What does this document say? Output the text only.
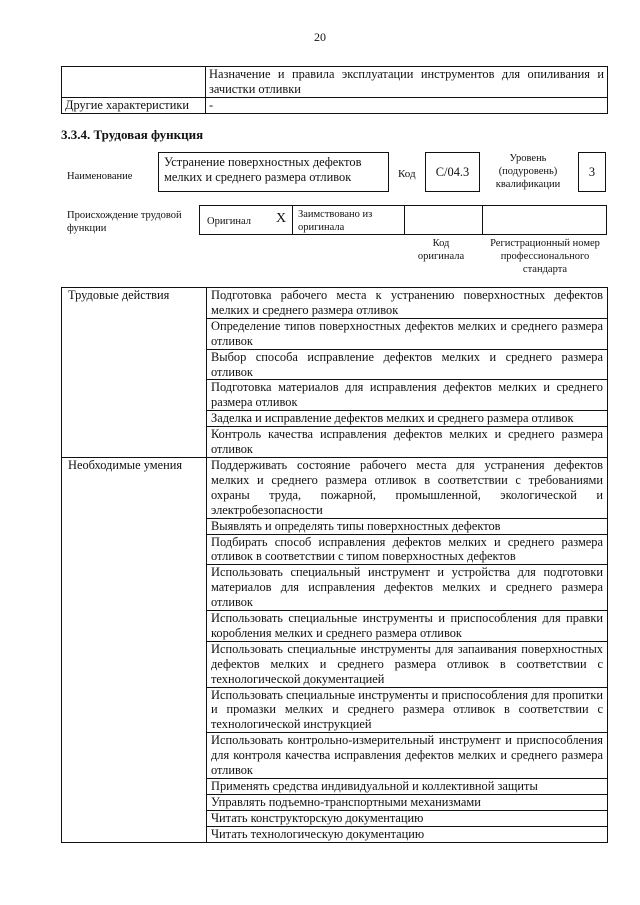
20
	Назначение и правила эксплуатации инструментов для опиливания и зачистки отливки
Другие характеристики	-
3.3.4. Трудовая функция
Наименование
Устранение поверхностных дефектов мелких и среднего размера отливок	Код	C/04.3
Уровень (подуровень) квалификации
3
Происхождение трудовой функции
Оригинал X Заимствовано из оригинала
Код оригинала
Регистрационный номер профессионального стандарта
Трудовые действия	Подготовка рабочего места к устранению поверхностных дефектов мелких и среднего размера отливок
	Определение типов поверхностных дефектов мелких и среднего размера отливок
	Выбор способа исправление дефектов мелких и среднего размера отливок
	Подготовка материалов для исправления дефектов мелких и среднего размера отливок
	Заделка и исправление дефектов мелких и среднего размера отливок
	Контроль качества исправления дефектов мелких и среднего размера отливок
Необходимые умения	Поддерживать состояние рабочего места для устранения дефектов мелких и среднего размера отливок в соответствии с требованиями охраны труда, пожарной, промышленной, экологической и электробезопасности
	Выявлять и определять типы поверхностных дефектов
	Подбирать способ исправления дефектов мелких и среднего размера отливок в соответствии с типом поверхностных дефектов
	Использовать специальный инструмент и устройства для подготовки материалов для исправления дефектов мелких и среднего размера отливок
	Использовать специальные инструменты и приспособления для правки коробления мелких и среднего размера отливок
	Использовать специальные инструменты для запаивания поверхностных дефектов мелких и среднего размера отливок в соответствии с технологической документацией
	Использовать специальные инструменты и приспособления для пропитки и промазки мелких и среднего размера отливок в соответствии с технологической инструкцией
	Использовать контрольно-измерительный инструмент и приспособления для контроля качества исправления дефектов мелких и среднего размера отливок
	Применять средства индивидуальной и коллективной защиты
	Управлять подъемно-транспортными механизмами
	Читать конструкторскую документацию
	Читать технологическую документацию
